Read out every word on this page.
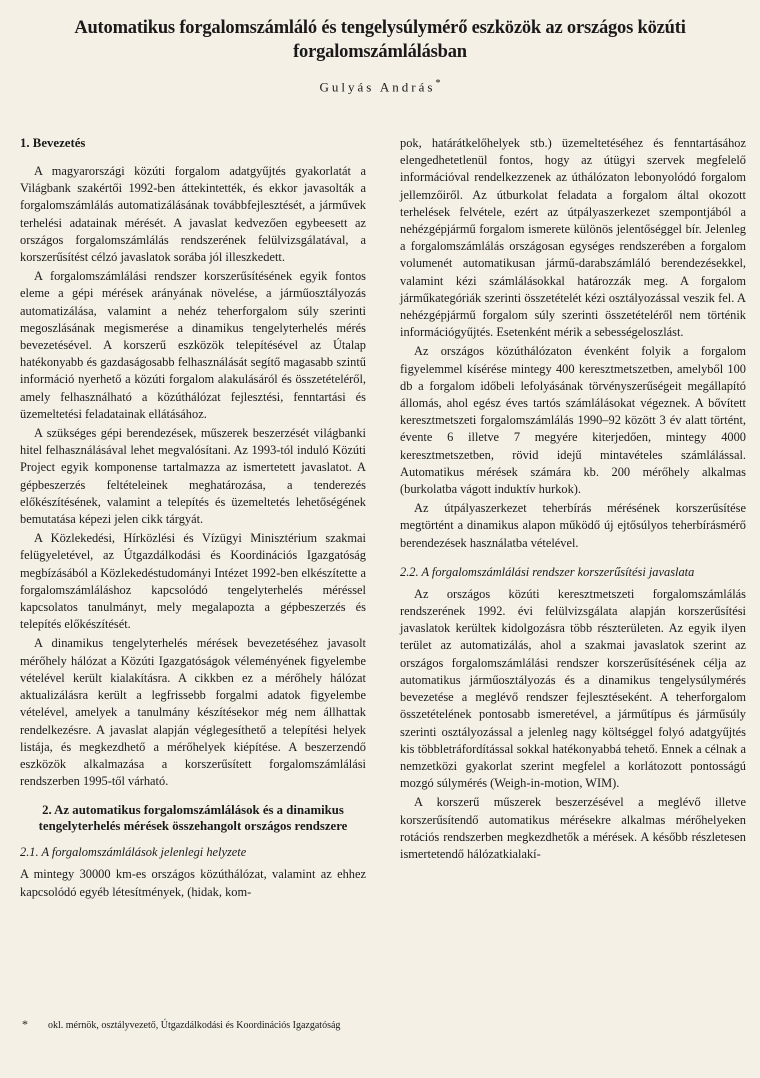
Automatikus forgalomszámláló és tengelysúlymérő eszközök az országos közúti forgalomszámlálásban
Gulyás András*
1. Bevezetés

A magyarországi közúti forgalom adatgyűjtés gyakorlatát a Világbank szakértői 1992-ben áttekintették, és ekkor javasolták a forgalomszámlálás automatizálásának továbbfejlesztését, a járművek terhelési adatainak mérését. A javaslat kedvezően egybeesett az országos forgalomszámlálás rendszerének felülvizsgálatával, a korszerűsítést célzó javaslatok sorába jól illeszkedett.

A forgalomszámlálási rendszer korszerűsítésének egyik fontos eleme a gépi mérések arányának növelése, a járműosztályozás automatizálása, valamint a nehéz teherforgalom súly szerinti megoszlásának megismerése a dinamikus tengelyterhelés mérés bevezetésével. A korszerű eszközök telepítésével az Útalap hatékonyabb és gazdaságosabb felhasználását segítő magasabb szintű információ nyerhető a közúti forgalom alakulásáról és összetételéről, amely felhasználható a közúthálózat fejlesztési, fenntartási és üzemeltetési feladatainak ellátásához.

A szükséges gépi berendezések, műszerek beszerzését világbanki hitel felhasználásával lehet megvalósítani. Az 1993-tól induló Közúti Project egyik komponense tartalmazza az ismertetett javaslatot. A gépbeszerzés feltételeinek meghatározása, a tenderezés előkészítésének, valamint a telepítés és üzemeltetés lehetőségének bemutatása képezi jelen cikk tárgyát.

A Közlekedési, Hírközlési és Vízügyi Minisztérium szakmai felügyeletével, az Útgazdálkodási és Koordinációs Igazgatóság megbízásából a Közlekedéstudományi Intézet 1992-ben elkészítette a forgalomszámláláshoz kapcsolódó tengelyterhelés méréssel kapcsolatos tanulmányt, mely megalapozta a gépbeszerzés és telepítés előkészítését.

A dinamikus tengelyterhelés mérések bevezetéséhez javasolt mérőhely hálózat a Közúti Igazgatóságok véleményének figyelembe vételével került kialakításra. A cikkben ez a mérőhely hálózat aktualizálásra került a legfrissebb forgalmi adatok figyelembe vételével, amelyek a tanulmány készítésekor még nem állhattak rendelkezésre. A javaslat alapján véglegesíthető a telepítési helyek listája, és megkezdhető a mérőhelyek kiépítése. A beszerzendő eszközök alkalmazása a korszerűsített forgalomszámlálási rendszerben 1995-től várható.

2. Az automatikus forgalomszámlálások és a dinamikus tengelyterhelés mérések összehangolt országos rendszere
2.1. A forgalomszámlálások jelenlegi helyzete

A mintegy 30000 km-es országos közúthálózat, valamint az ehhez kapcsolódó egyéb létesítmények, (hidak, kom-

pok, határátkelőhelyek stb.) üzemeltetéséhez és fenntartásához elengedhetetlenül fontos, hogy az útügyi szervek megfelelő információval rendelkezzenek az úthálózaton lebonyolódó forgalom jellemzőiről. Az útburkolat feladata a forgalom által okozott terhelések felvétele, ezért az útpályaszerkezet szempontjából a nehézgépjármű forgalom ismerete különös jelentőséggel bír. Jelenleg a forgalomszámlálás országosan egységes rendszerében a forgalom volumenét automatikusan jármű-darabszámláló berendezésekkel, valamint kézi számlálásokkal határozzák meg. A forgalom járműkategóriák szerinti összetételét kézi osztályozással veszik fel. A nehézgépjármű forgalom súly szerinti összetételéről nem történik információgyűjtés. Esetenként mérik a sebességeloszlást.

Az országos közúthálózaton évenként folyik a forgalom figyelemmel kísérése mintegy 400 keresztmetszetben, amelyből 100 db a forgalom időbeli lefolyásának törvényszerűségeit megállapító állomás, ahol egész éves tartós számlálásokat végeznek. A bővített keresztmetszeti forgalomszámlálás 1990–92 között 3 év alatt történt, évente 6 illetve 7 megyére kiterjedően, mintegy 4000 keresztmetszetben, rövid idejű mintavételes számlálással. Automatikus mérések számára kb. 200 mérőhely alkalmas (burkolatba vágott induktív hurkok).

Az útpályaszerkezet teherbírás mérésének korszerűsítése megtörtént a dinamikus alapon működő új ejtősúlyos teherbírásmérő berendezések használatba vételével.

2.2. A forgalomszámlálási rendszer korszerűsítési javaslata

Az országos közúti keresztmetszeti forgalomszámlálás rendszerének 1992. évi felülvizsgálata alapján korszerűsítési javaslatok kerültek kidolgozásra több részterületen. Az egyik ilyen terület az automatizálás, ahol a szakmai javaslatok szerint az országos forgalomszámlálási rendszer korszerűsítésének célja az automatikus járműosztályozás és a dinamikus tengelysúlymérés bevezetése a meglévő rendszer fejlesztéseként. A teherforgalom összetételének pontosabb ismeretével, a járműtípus és járműsúly szerinti osztályozással a jelenleg nagy költséggel folyó adatgyűjtés kis többletráfordítással sokkal hatékonyabbá tehető. Ennek a célnak a nemzetközi gyakorlat szerint megfelel a korlátozott pontosságú mozgó súlymérés (Weigh-in-motion, WIM).

A korszerű műszerek beszerzésével a meglévő illetve korszerűsítendő automatikus mérésekre alkalmas mérőhelyeken rotációs rendszerben megkezdhetők a mérések. A később részletesen ismertetendő hálózatkialakí-

* okl. mérnök, osztályvezető, Útgazdálkodási és Koordinációs Igazgatóság
